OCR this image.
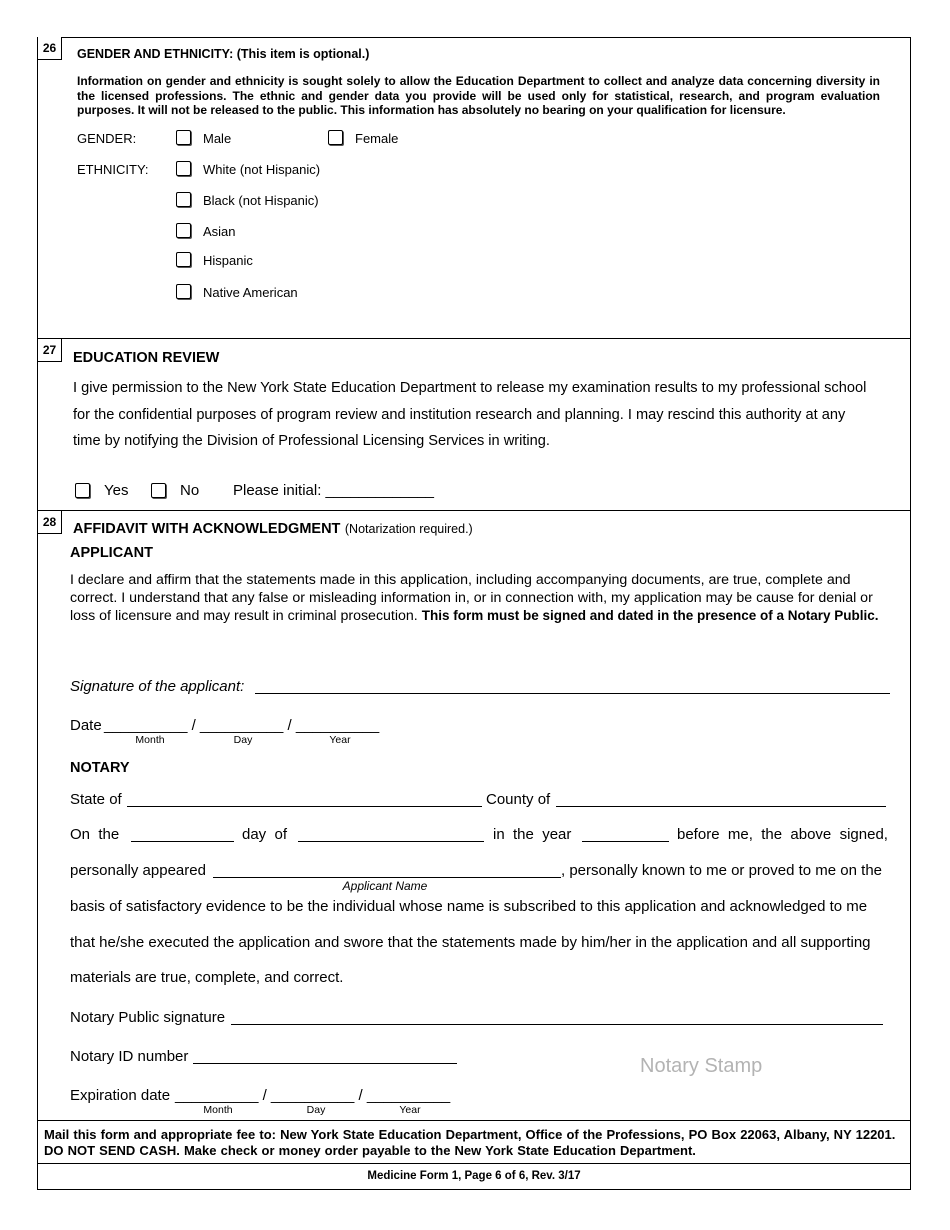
26	GENDER AND ETHNICITY: (This item is optional.)
Information on gender and ethnicity is sought solely to allow the Education Department to collect and analyze data concerning diversity in the licensed professions. The ethnic and gender data you provide will be used only for statistical, research, and program evaluation purposes. It will not be released to the public. This information has absolutely no bearing on your qualification for licensure.
GENDER:	Male	Female
ETHNICITY:	White (not Hispanic)
Black (not Hispanic)
Asian
Hispanic
Native American
27	EDUCATION REVIEW
I give permission to the New York State Education Department to release my examination results to my professional school
for the confidential purposes of program review and institution research and planning. I may rescind this authority at any
time by notifying the Division of Professional Licensing Services in writing.
Yes	No Please initial: _____________
28	AFFIDAVIT WITH ACKNOWLEDGMENT (Notarization required.)
APPLICANT
I declare and affirm that the statements made in this application, including accompanying documents, are true, complete and correct. I understand that any false or misleading information in, or in connection with, my application may be cause for denial or loss of licensure and may result in criminal prosecution. This form must be signed and dated in the presence of a Notary Public.
Signature of the applicant:
Date __________ / __________ / __________
Month	Day	Year
NOTARY
State of	County of
On  the	day  of	in  the  year	before  me,  the  above  signed,
personally appeared	, personally known to me or proved to me on the
Applicant Name
basis of satisfactory evidence to be the individual whose name is subscribed to this application and acknowledged to me
that he/she executed the application and swore that the statements made by him/her in the application and all supporting
materials are true, complete, and correct.
Notary Public signature
Notary ID number	Notary Stamp
Expiration date __________ / __________ / __________
Month	Day	Year
Mail this form and appropriate fee to: New York State Education Department, Office of the Professions, PO Box 22063, Albany, NY 12201. DO NOT SEND CASH. Make check or money order payable to the New York State Education Department.
Medicine Form 1, Page 6 of 6, Rev. 3/17
